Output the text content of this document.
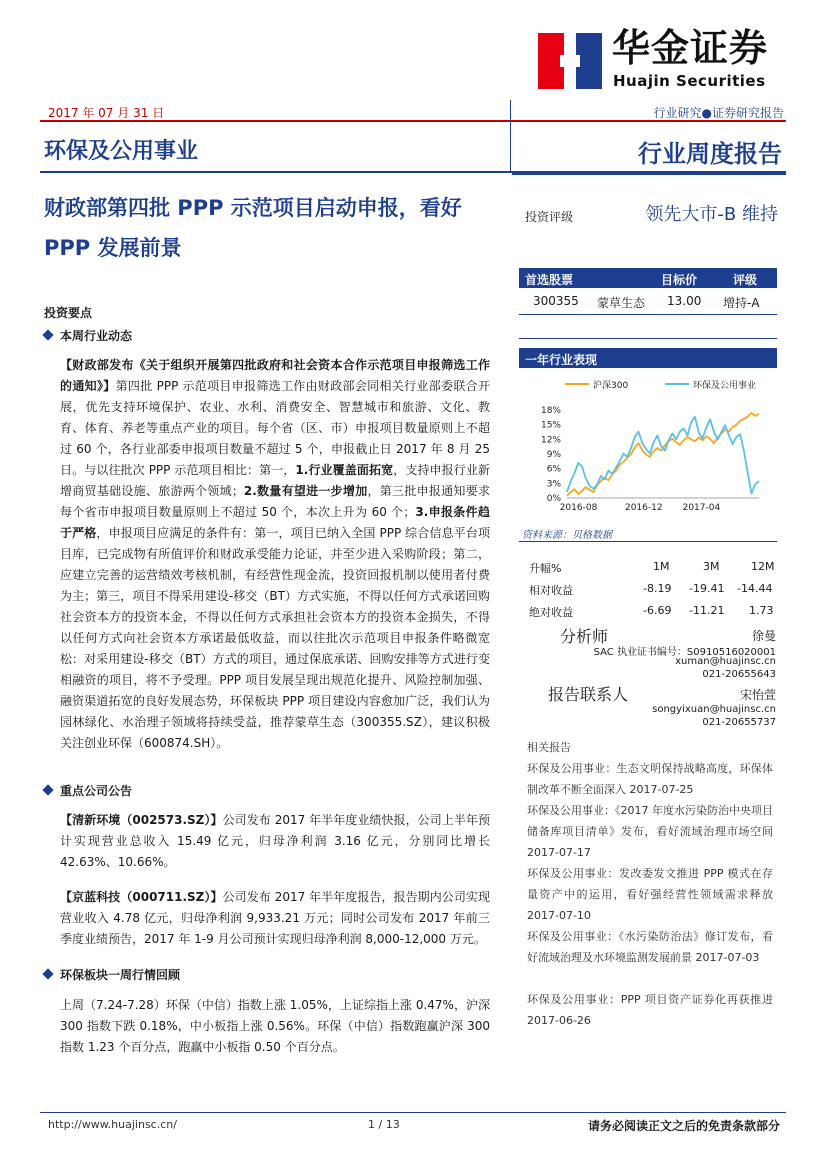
华金证券
Huajin Securities
2017 年 07 月 31 日	行业研究●证券研究报告
环保及公用事业	行业周度报告
财政部第四批 PPP 示范项目启动申报，看好 PPP 发展前景
投资要点
本周行业动态
【财政部发布《关于组织开展第四批政府和社会资本合作示范项目申报筛选工作的通知》】第四批 PPP 示范项目申报筛选工作由财政部会同相关行业部委联合开展，优先支持环境保护、农业、水利、消费安全、智慧城市和旅游、文化、教育、体育、养老等重点产业的项目。每个省（区、市）申报项目数量原则上不超过 60 个，各行业部委申报项目数量不超过 5 个，申报截止日 2017 年 8 月 25 日。与以往批次 PPP 示范项目相比：第一，1.行业覆盖面拓宽，支持申报行业新增商贸基础设施、旅游两个领域；2.数量有望进一步增加，第三批申报通知要求每个省市申报项目数量原则上不超过 50 个，本次上升为 60 个；3.申报条件趋于严格，申报项目应满足的条件有：第一，项目已纳入全国 PPP 综合信息平台项目库，已完成物有所值评价和财政承受能力论证，并至少进入采购阶段；第二，应建立完善的运营绩效考核机制，有经营性现金流，投资回报机制以使用者付费为主；第三，项目不得采用建设-移交（BT）方式实施，不得以任何方式承诺回购社会资本方的投资本金，不得以任何方式承担社会资本方的投资本金损失，不得以任何方式向社会资本方承诺最低收益，而以往批次示范项目申报条件略微宽松：对采用建设-移交（BT）方式的项目，通过保底承诺、回购安排等方式进行变相融资的项目，将不予受理。PPP 项目发展呈现出规范化提升、风险控制加强、融资渠道拓宽的良好发展态势，环保板块 PPP 项目建设内容愈加广泛，我们认为园林绿化、水治理子领域将持续受益，推荐蒙草生态（300355.SZ），建议积极关注创业环保（600874.SH）。
重点公司公告
【清新环境（002573.SZ）】公司发布 2017 年半年度业绩快报，公司上半年预计实现营业总收入 15.49 亿元，归母净利润 3.16 亿元，分别同比增长 42.63%、10.66%。
【京蓝科技（000711.SZ）】公司发布 2017 年半年度报告，报告期内公司实现营业收入 4.78 亿元，归母净利润 9,933.21 万元；同时公司发布 2017 年前三季度业绩预告，2017 年 1-9 月公司预计实现归母净利润 8,000-12,000 万元。
环保板块一周行情回顾
上周（7.24-7.28）环保（中信）指数上涨 1.05%，上证综指上涨 0.47%，沪深 300 指数下跌 0.18%，中小板指上涨 0.56%。环保（中信）指数跑赢沪深 300 指数 1.23 个百分点，跑赢中小板指 0.50 个百分点。
投资评级	领先大市-B 维持
首选股票	目标价	评级
300355 蒙草生态 13.00 增持-A
一年行业表现
沪深300	环保及公用事业
0%
3%
6%
9%
12%
15%
18%
2016-08	2016-12 2017-04
资料来源：贝格数据
升幅%	1M	3M	12M
相对收益	-8.19 -19.41 -14.44
绝对收益	-6.69 -11.21 1.73
分析师	徐曼
SAC 执业证书编号：S0910516020001
xuman@huajinsc.cn
021-20655643
报告联系人	宋怡萱
songyixuan@huajinsc.cn
021-20655737
相关报告
环保及公用事业：生态文明保持战略高度，环保体制改革不断全面深入 2017-07-25
环保及公用事业：《2017 年度水污染防治中央项目储备库项目清单》发布，看好流域治理市场空间 2017-07-17
环保及公用事业：发改委发文推进 PPP 模式在存量资产中的运用，看好强经营性领域需求释放 2017-07-10
环保及公用事业：《水污染防治法》修订发布，看好流域治理及水环境监测发展前景 2017-07-03
环保及公用事业：PPP 项目资产证券化再获推进 2017-06-26
http://www.huajinsc.cn/	1 / 13	请务必阅读正文之后的免责条款部分
